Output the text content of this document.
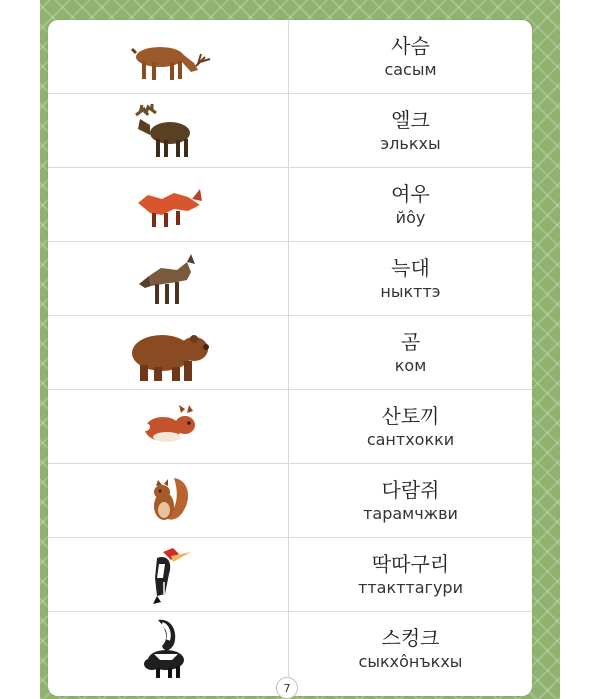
사슴
сасым
엘크
элькхы
여우
йôу
늑대
ныкттэ
곰
ком
산토끼
сантхокки
다람쥐
тарамчжви
딱따구리
ттакттагури
스컹크
сыкхôнъкхы
7
